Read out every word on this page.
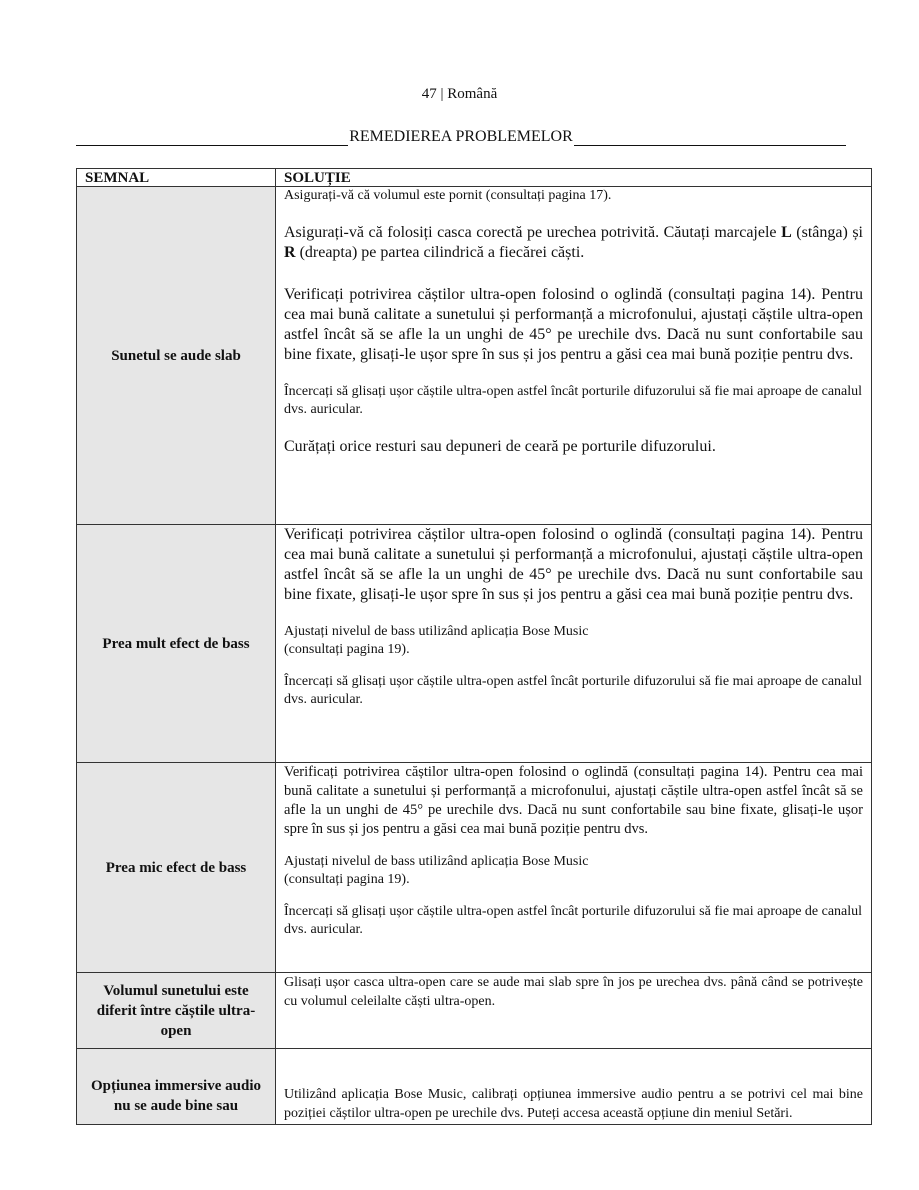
47 | Română
REMEDIEREA PROBLEMELOR
SEMNAL	SOLUȚIE
Sunetul se aude slab	Asigurați-vă că volumul este pornit (consultați pagina 17).

Asigurați-vă că folosiți casca corectă pe urechea potrivită. Căutați marcajele L (stânga) și R (dreapta) pe partea cilindrică a fiecărei căști.

Verificați potrivirea căștilor ultra-open folosind o oglindă (consultați pagina 14). Pentru cea mai bună calitate a sunetului și performanță a microfonului, ajustați căștile ultra-open astfel încât să se afle la un unghi de 45° pe urechile dvs. Dacă nu sunt confortabile sau bine fixate, glisați-le ușor spre în sus și jos pentru a găsi cea mai bună poziție pentru dvs.

Încercați să glisați ușor căștile ultra-open astfel încât porturile difuzorului să fie mai aproape de canalul dvs. auricular.

Curățați orice resturi sau depuneri de ceară pe porturile difuzorului.

Prea mult efect de bass	Verificați potrivirea căștilor ultra-open folosind o oglindă (consultați pagina 14). Pentru cea mai bună calitate a sunetului și performanță a microfonului, ajustați căștile ultra-open astfel încât să se afle la un unghi de 45° pe urechile dvs. Dacă nu sunt confortabile sau bine fixate, glisați-le ușor spre în sus și jos pentru a găsi cea mai bună poziție pentru dvs.

Ajustați nivelul de bass utilizând aplicația Bose Music

(consultați pagina 19).

Încercați să glisați ușor căștile ultra-open astfel încât porturile difuzorului să fie mai aproape de canalul dvs. auricular.

Prea mic efect de bass	Verificați potrivirea căștilor ultra-open folosind o oglindă (consultați pagina 14). Pentru cea mai bună calitate a sunetului și performanță a microfonului, ajustați căștile ultra-open astfel încât să se afle la un unghi de 45° pe urechile dvs. Dacă nu sunt confortabile sau bine fixate, glisați-le ușor spre în sus și jos pentru a găsi cea mai bună poziție pentru dvs.

Ajustați nivelul de bass utilizând aplicația Bose Music

(consultați pagina 19).

Încercați să glisați ușor căștile ultra-open astfel încât porturile difuzorului să fie mai aproape de canalul dvs. auricular.

Volumul sunetului este diferit între căștile ultra-open	Glisați ușor casca ultra-open care se aude mai slab spre în jos pe urechea dvs. până când se potrivește cu volumul celeilalte căști ultra-open.

Opțiunea immersive audio nu se aude bine sau	Utilizând aplicația Bose Music, calibrați opțiunea immersive audio pentru a se potrivi cel mai bine poziției căștilor ultra-open pe urechile dvs. Puteți accesa această opțiune din meniul Setări.
